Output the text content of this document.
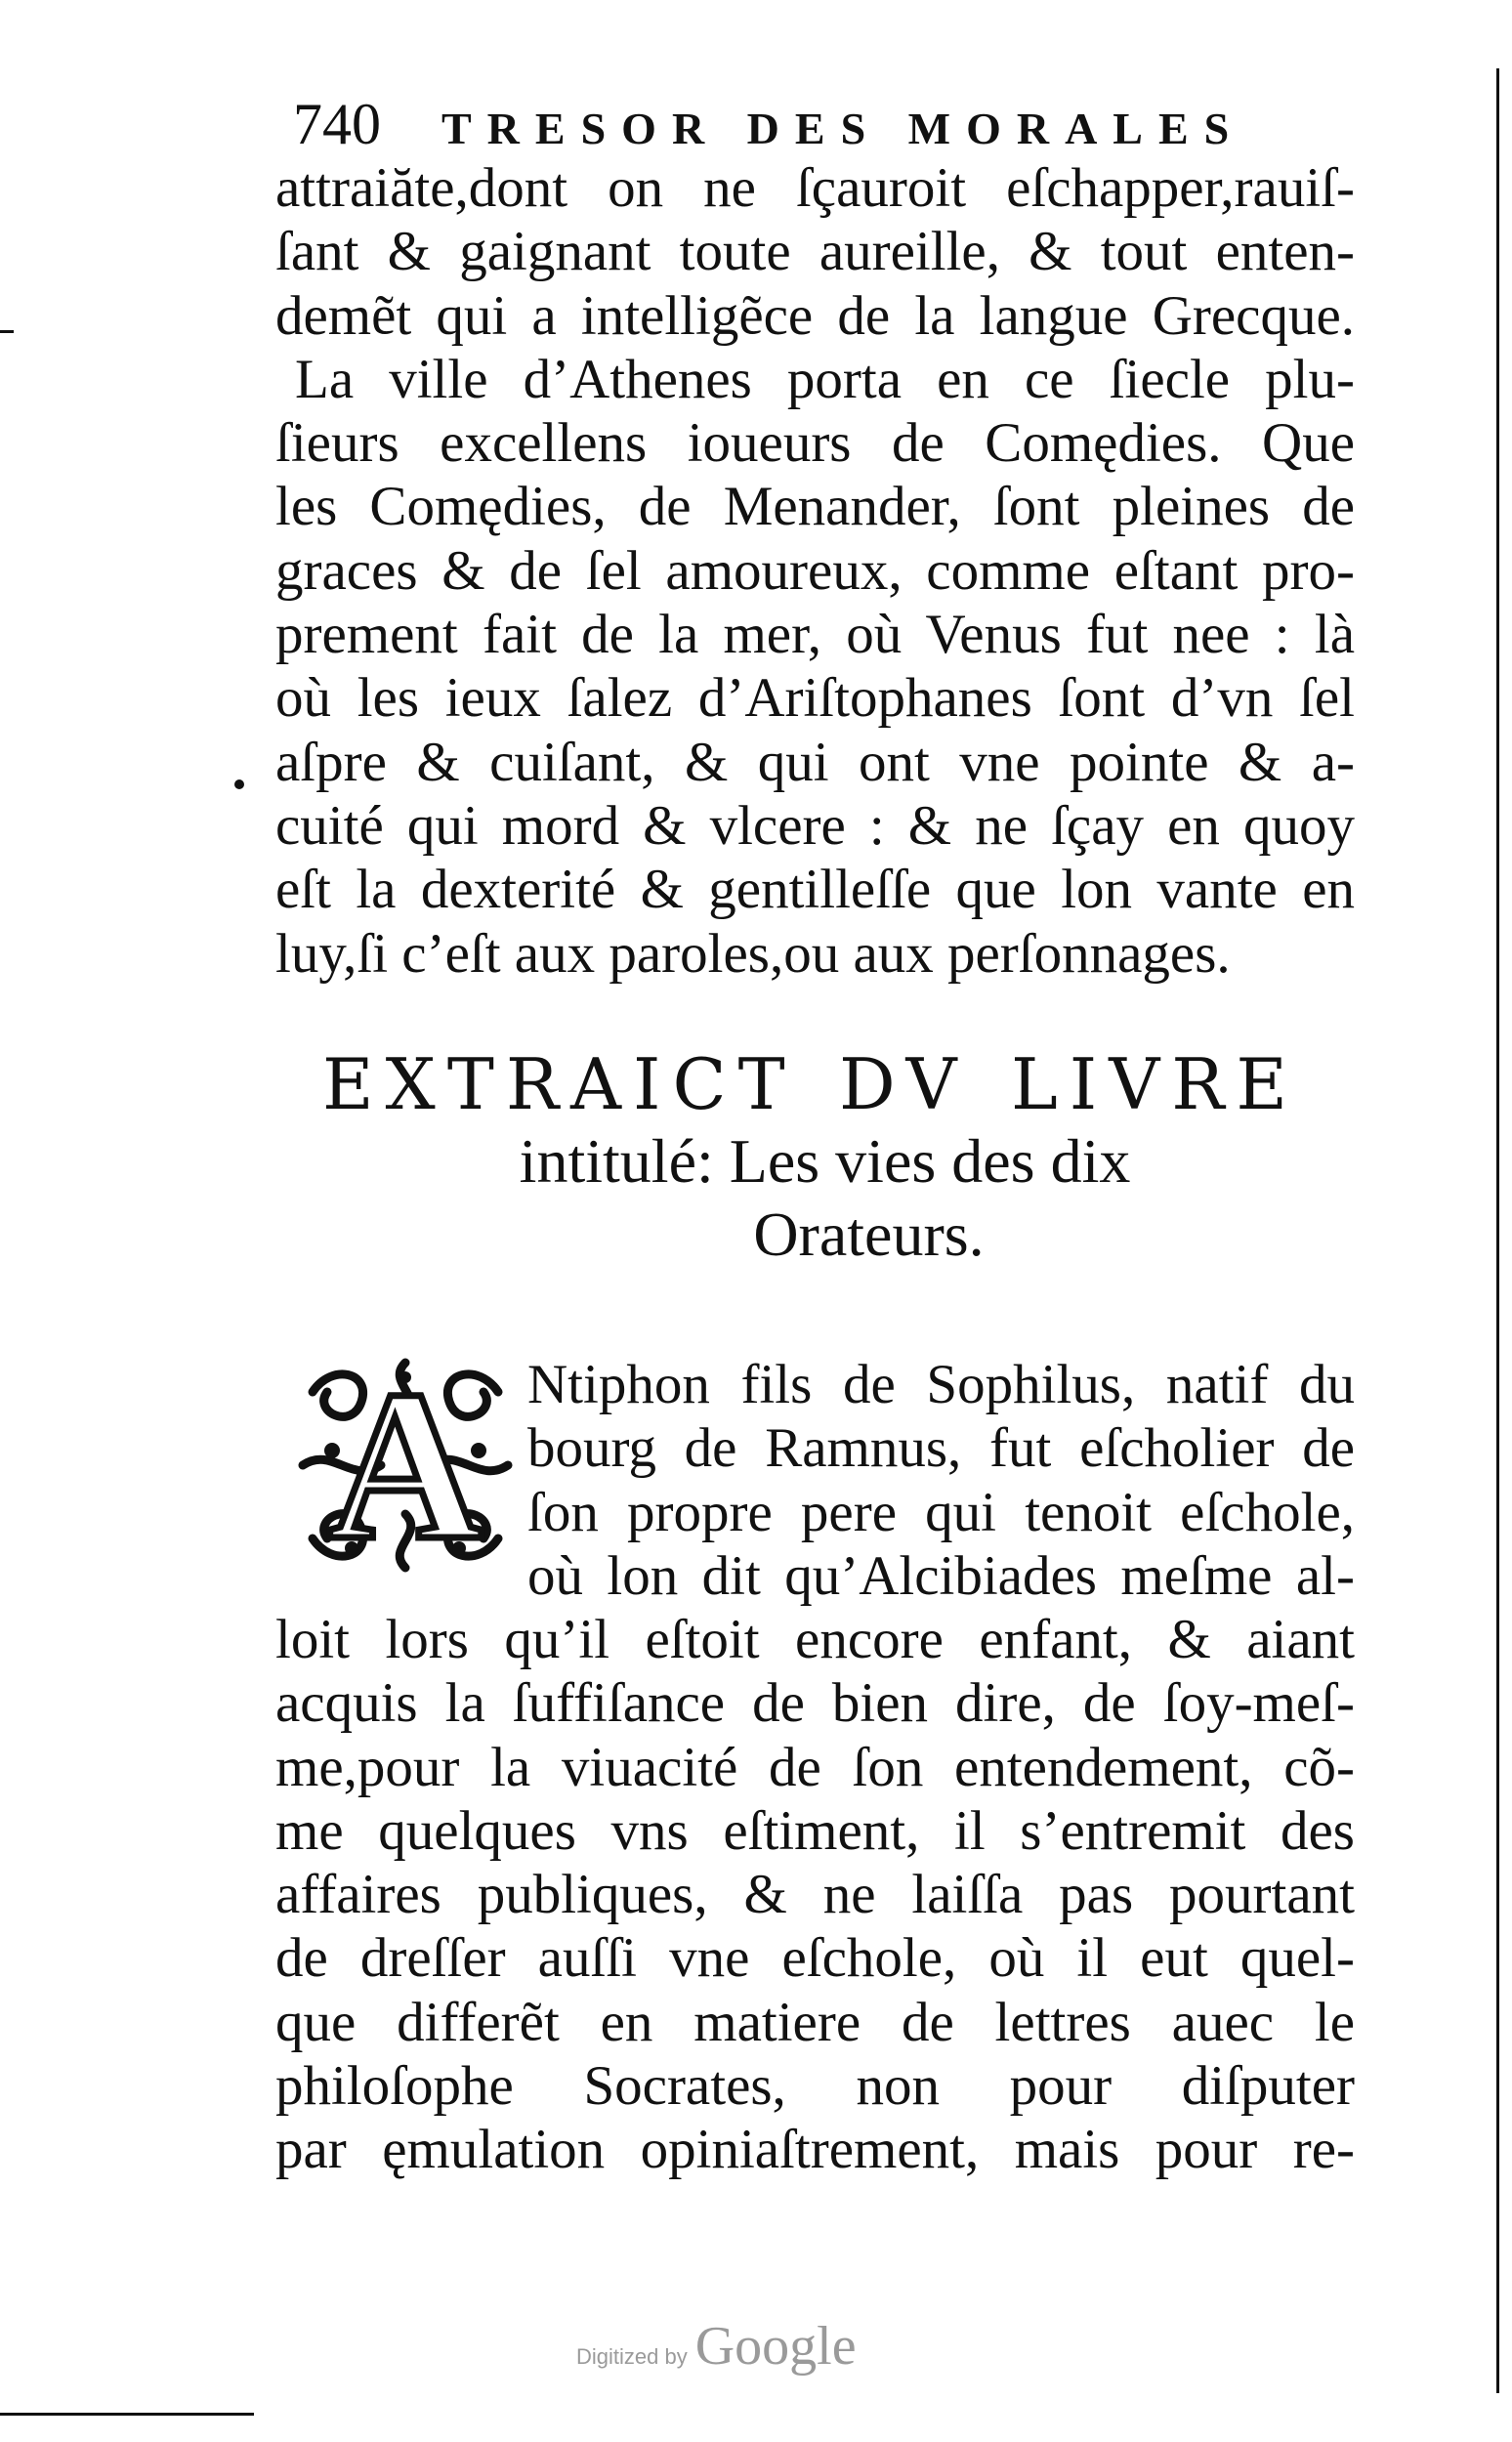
740 TRESOR DES MORALES
attraiăte,dont on ne ſçauroit eſchapper,rauiſ-
ſant & gaignant toute aureille, & tout enten-
demẽt qui a intelligẽce de la langue Grecque.
La ville d’Athenes porta en ce ſiecle plu-
ſieurs excellens ioueurs de Comędies. Que
les Comędies, de Menander, ſont pleines de
graces & de ſel amoureux, comme eſtant pro-
prement fait de la mer, où Venus fut nee : là
où les ieux ſalez d’Ariſtophanes ſont d’vn ſel
aſpre & cuiſant, & qui ont vne pointe & a-
cuité qui mord & vlcere : & ne ſçay en quoy
eſt la dexterité & gentilleſſe que lon vante en
luy,ſi c’eſt aux paroles,ou aux perſonnages.
EXTRAICT DV LIVRE
intitulé: Les vies des dix
Orateurs.
A Ntiphon fils de Sophilus, natif du
bourg de Ramnus, fut eſcholier de
ſon propre pere qui tenoit eſchole,
où lon dit qu’Alcibiades meſme al-
loit lors qu’il eſtoit encore enfant, & aiant
acquis la ſuffiſance de bien dire, de ſoy-meſ-
me,pour la viuacité de ſon entendement, cõ-
me quelques vns eſtiment, il s’entremit des
affaires publiques, & ne laiſſa pas pourtant
de dreſſer auſſi vne eſchole, où il eut quel-
que differẽt en matiere de lettres auec le
philoſophe Socrates, non pour diſputer
par ęmulation opiniaſtrement, mais pour re-
Digitized by Google
